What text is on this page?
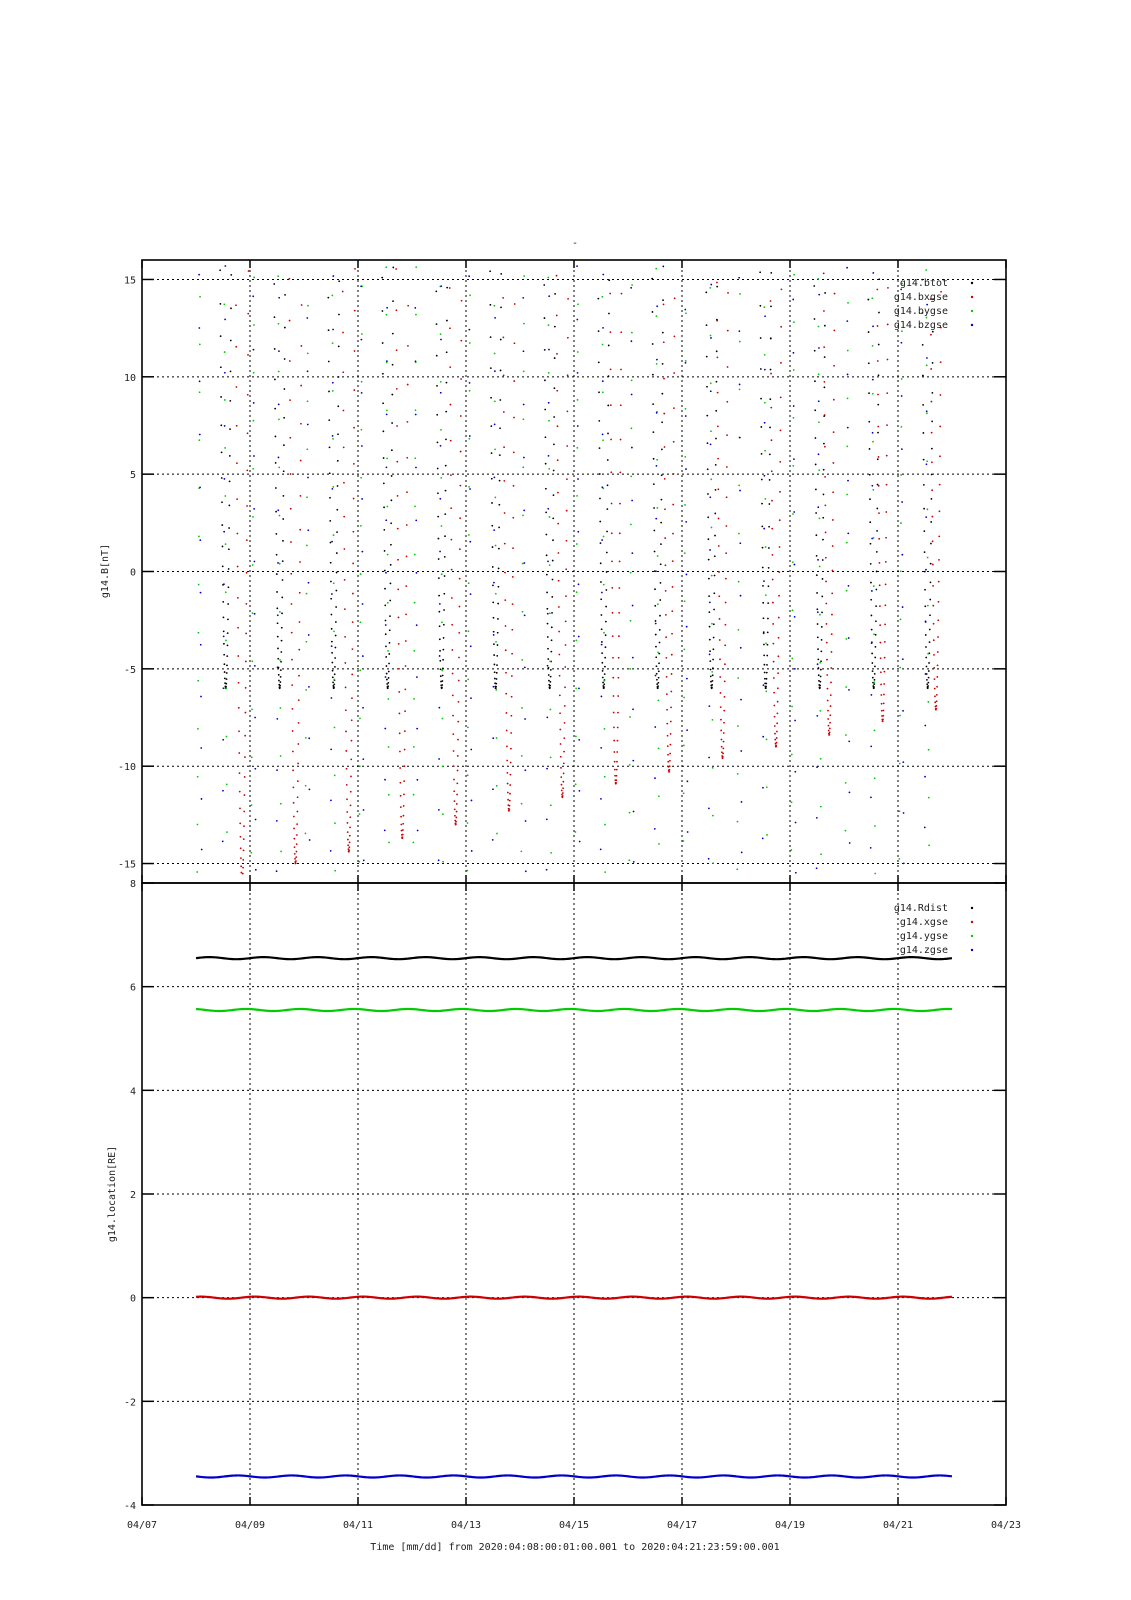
-15
-10
-5
0
5
10
15
-
g14.B[nT]
g14.btot
g14.bxgse
g14.bygse
g14.bzgse
-4
-2
0
2
4
6
8
04/07	04/09	04/11	04/13	04/15	04/17	04/19	04/21	04/23
g14.location[RE]
Time [mm/dd] from 2020:04:08:00:01:00.001 to 2020:04:21:23:59:00.001
g14.Rdist
g14.xgse
g14.ygse
g14.zgse
